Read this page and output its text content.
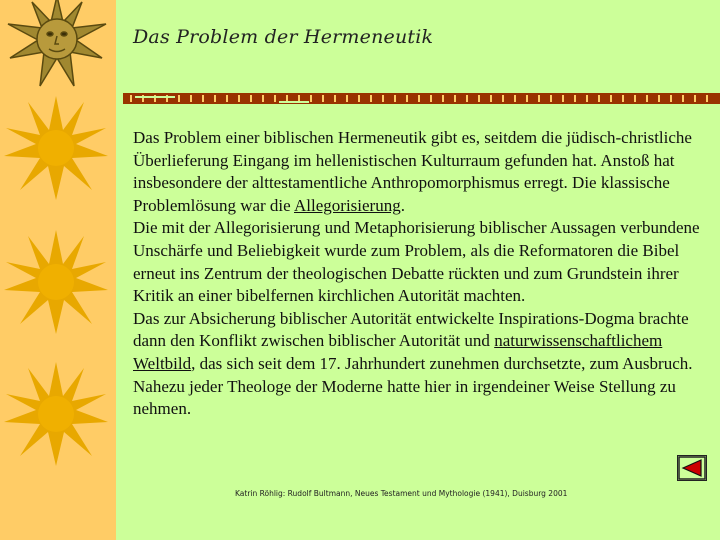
Das Problem der Hermeneutik

Das Problem einer biblischen Hermeneutik gibt es, seitdem die jüdisch-christliche Überlieferung Eingang im hellenistischen Kulturraum gefunden hat. Anstoß hat insbesondere der alttestamentliche Anthropomorphismus erregt. Die klassische Problemlösung war die Allegorisierung.

Die mit der Allegorisierung und Metaphorisierung biblischer Aussagen verbundene Unschärfe und Beliebigkeit wurde zum Problem, als die Reformatoren die Bibel erneut ins Zentrum der theologischen Debatte rückten und zum Grundstein ihrer Kritik an einer bibelfernen kirchlichen Autorität machten.

Das zur Absicherung biblischer Autorität entwickelte Inspirations-Dogma brachte dann den Konflikt zwischen biblischer Autorität und naturwissenschaftlichem Weltbild, das sich seit dem 17. Jahrhundert zunehmen durchsetzte, zum Ausbruch. Nahezu jeder Theologe der Moderne hatte hier in irgendeiner Weise Stellung zu nehmen.

Katrin Röhlig: Rudolf Bultmann, Neues Testament und Mythologie (1941), Duisburg 2001
